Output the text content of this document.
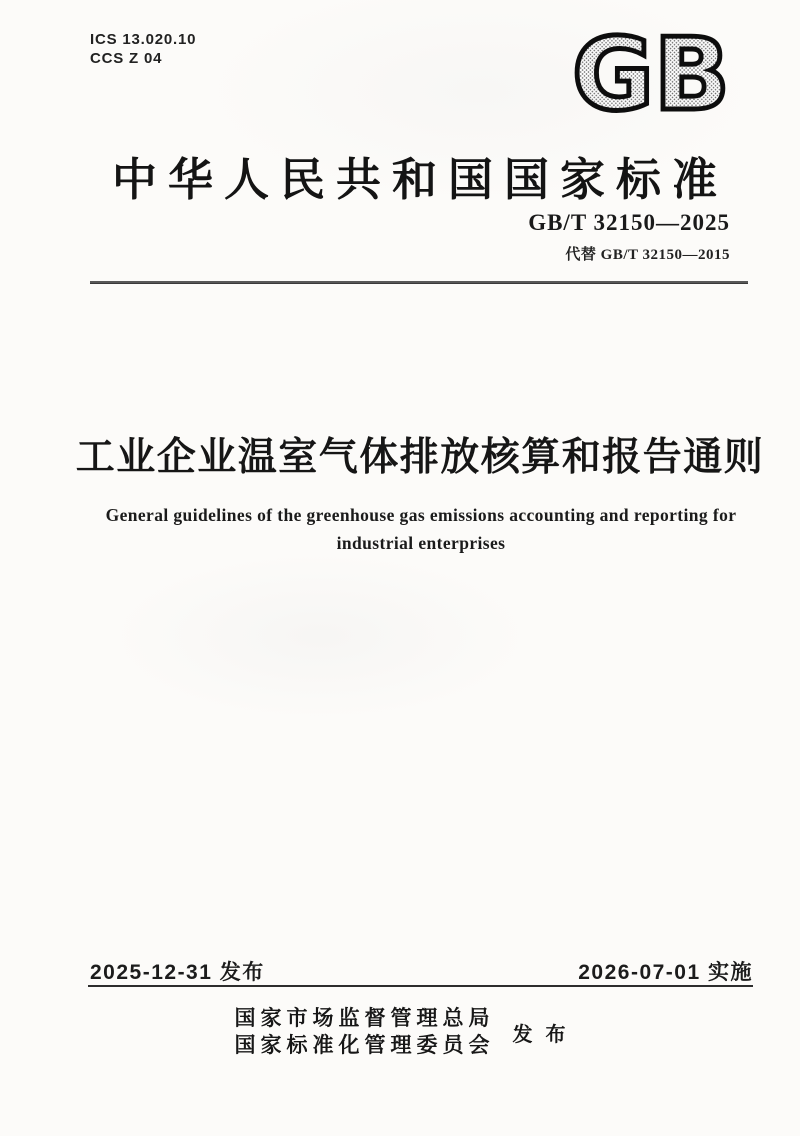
ICS 13.020.10
CCS Z 04	GB
中华人民共和国国家标准
GB/T 32150—2025
代替 GB/T 32150—2015
工业企业温室气体排放核算和报告通则
General guidelines of the greenhouse gas emissions accounting and reporting for
industrial enterprises
2025-12-31 发布	2026-07-01 实施
国家市场监督管理总局
国家标准化管理委员会 发 布
